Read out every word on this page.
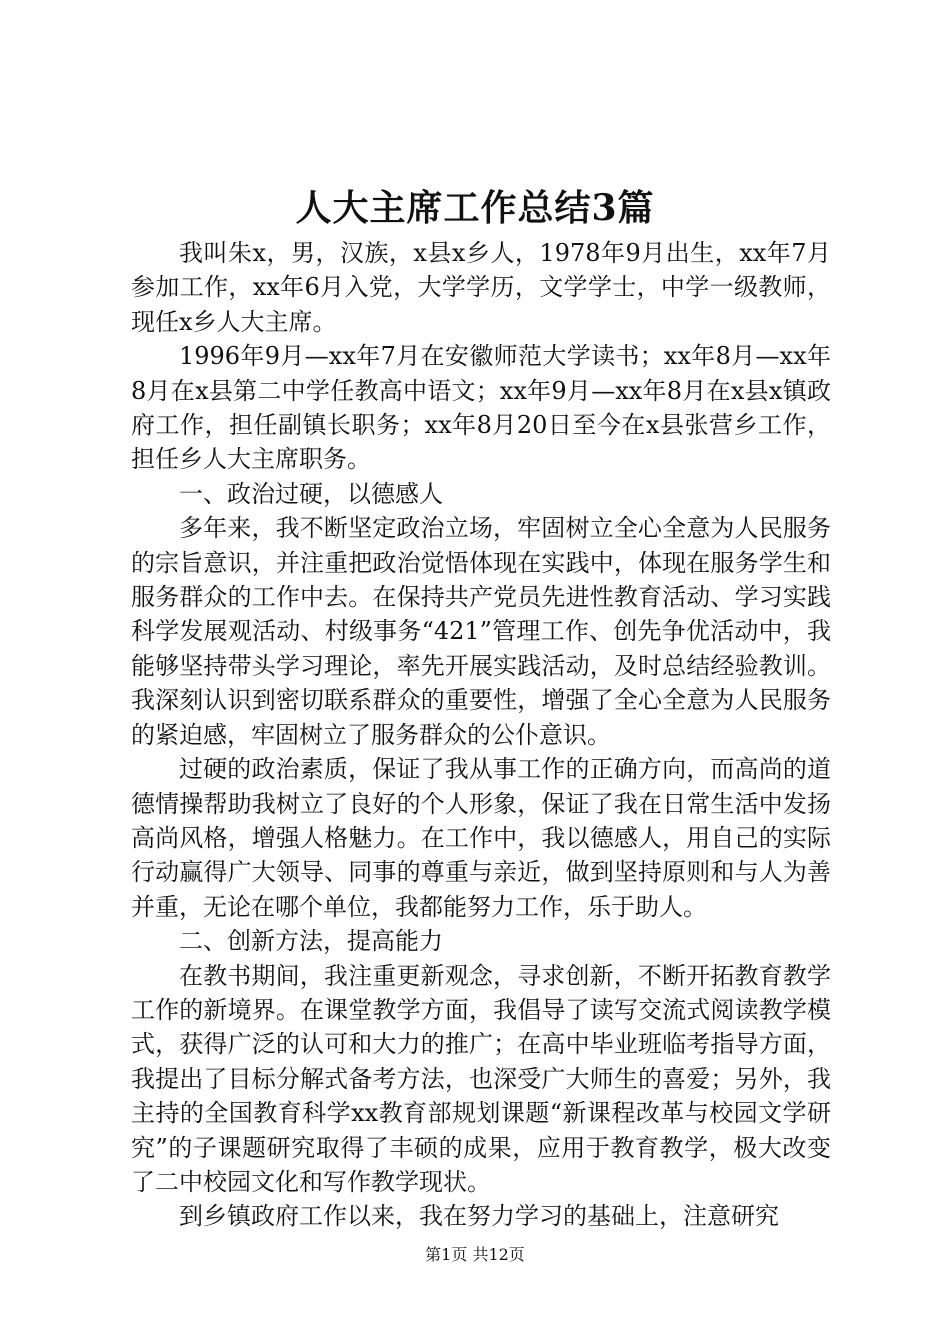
人大主席工作总结3篇

我叫朱x，男，汉族，x县x乡人，1978年9月出生，xx年7月参加工作，xx年6月入党，大学学历，文学学士，中学一级教师，现任x乡人大主席。

1996年9月—xx年7月在安徽师范大学读书；xx年8月—xx年8月在x县第二中学任教高中语文；xx年9月—xx年8月在x县x镇政府工作，担任副镇长职务；xx年8月20日至今在x县张营乡工作，担任乡人大主席职务。

一、政治过硬，以德感人

多年来，我不断坚定政治立场，牢固树立全心全意为人民服务的宗旨意识，并注重把政治觉悟体现在实践中，体现在服务学生和服务群众的工作中去。在保持共产党员先进性教育活动、学习实践科学发展观活动、村级事务“421”管理工作、创先争优活动中，我能够坚持带头学习理论，率先开展实践活动，及时总结经验教训。我深刻认识到密切联系群众的重要性，增强了全心全意为人民服务的紧迫感，牢固树立了服务群众的公仆意识。

过硬的政治素质，保证了我从事工作的正确方向，而高尚的道德情操帮助我树立了良好的个人形象，保证了我在日常生活中发扬高尚风格，增强人格魅力。在工作中，我以德感人，用自己的实际行动赢得广大领导、同事的尊重与亲近，做到坚持原则和与人为善并重，无论在哪个单位，我都能努力工作，乐于助人。

二、创新方法，提高能力

在教书期间，我注重更新观念，寻求创新，不断开拓教育教学工作的新境界。在课堂教学方面，我倡导了读写交流式阅读教学模式，获得广泛的认可和大力的推广；在高中毕业班临考指导方面，我提出了目标分解式备考方法，也深受广大师生的喜爱；另外，我主持的全国教育科学xx教育部规划课题“新课程改革与校园文学研究”的子课题研究取得了丰硕的成果，应用于教育教学，极大改变了二中校园文化和写作教学现状。

到乡镇政府工作以来，我在努力学习的基础上，注意研究

第1页 共12页
